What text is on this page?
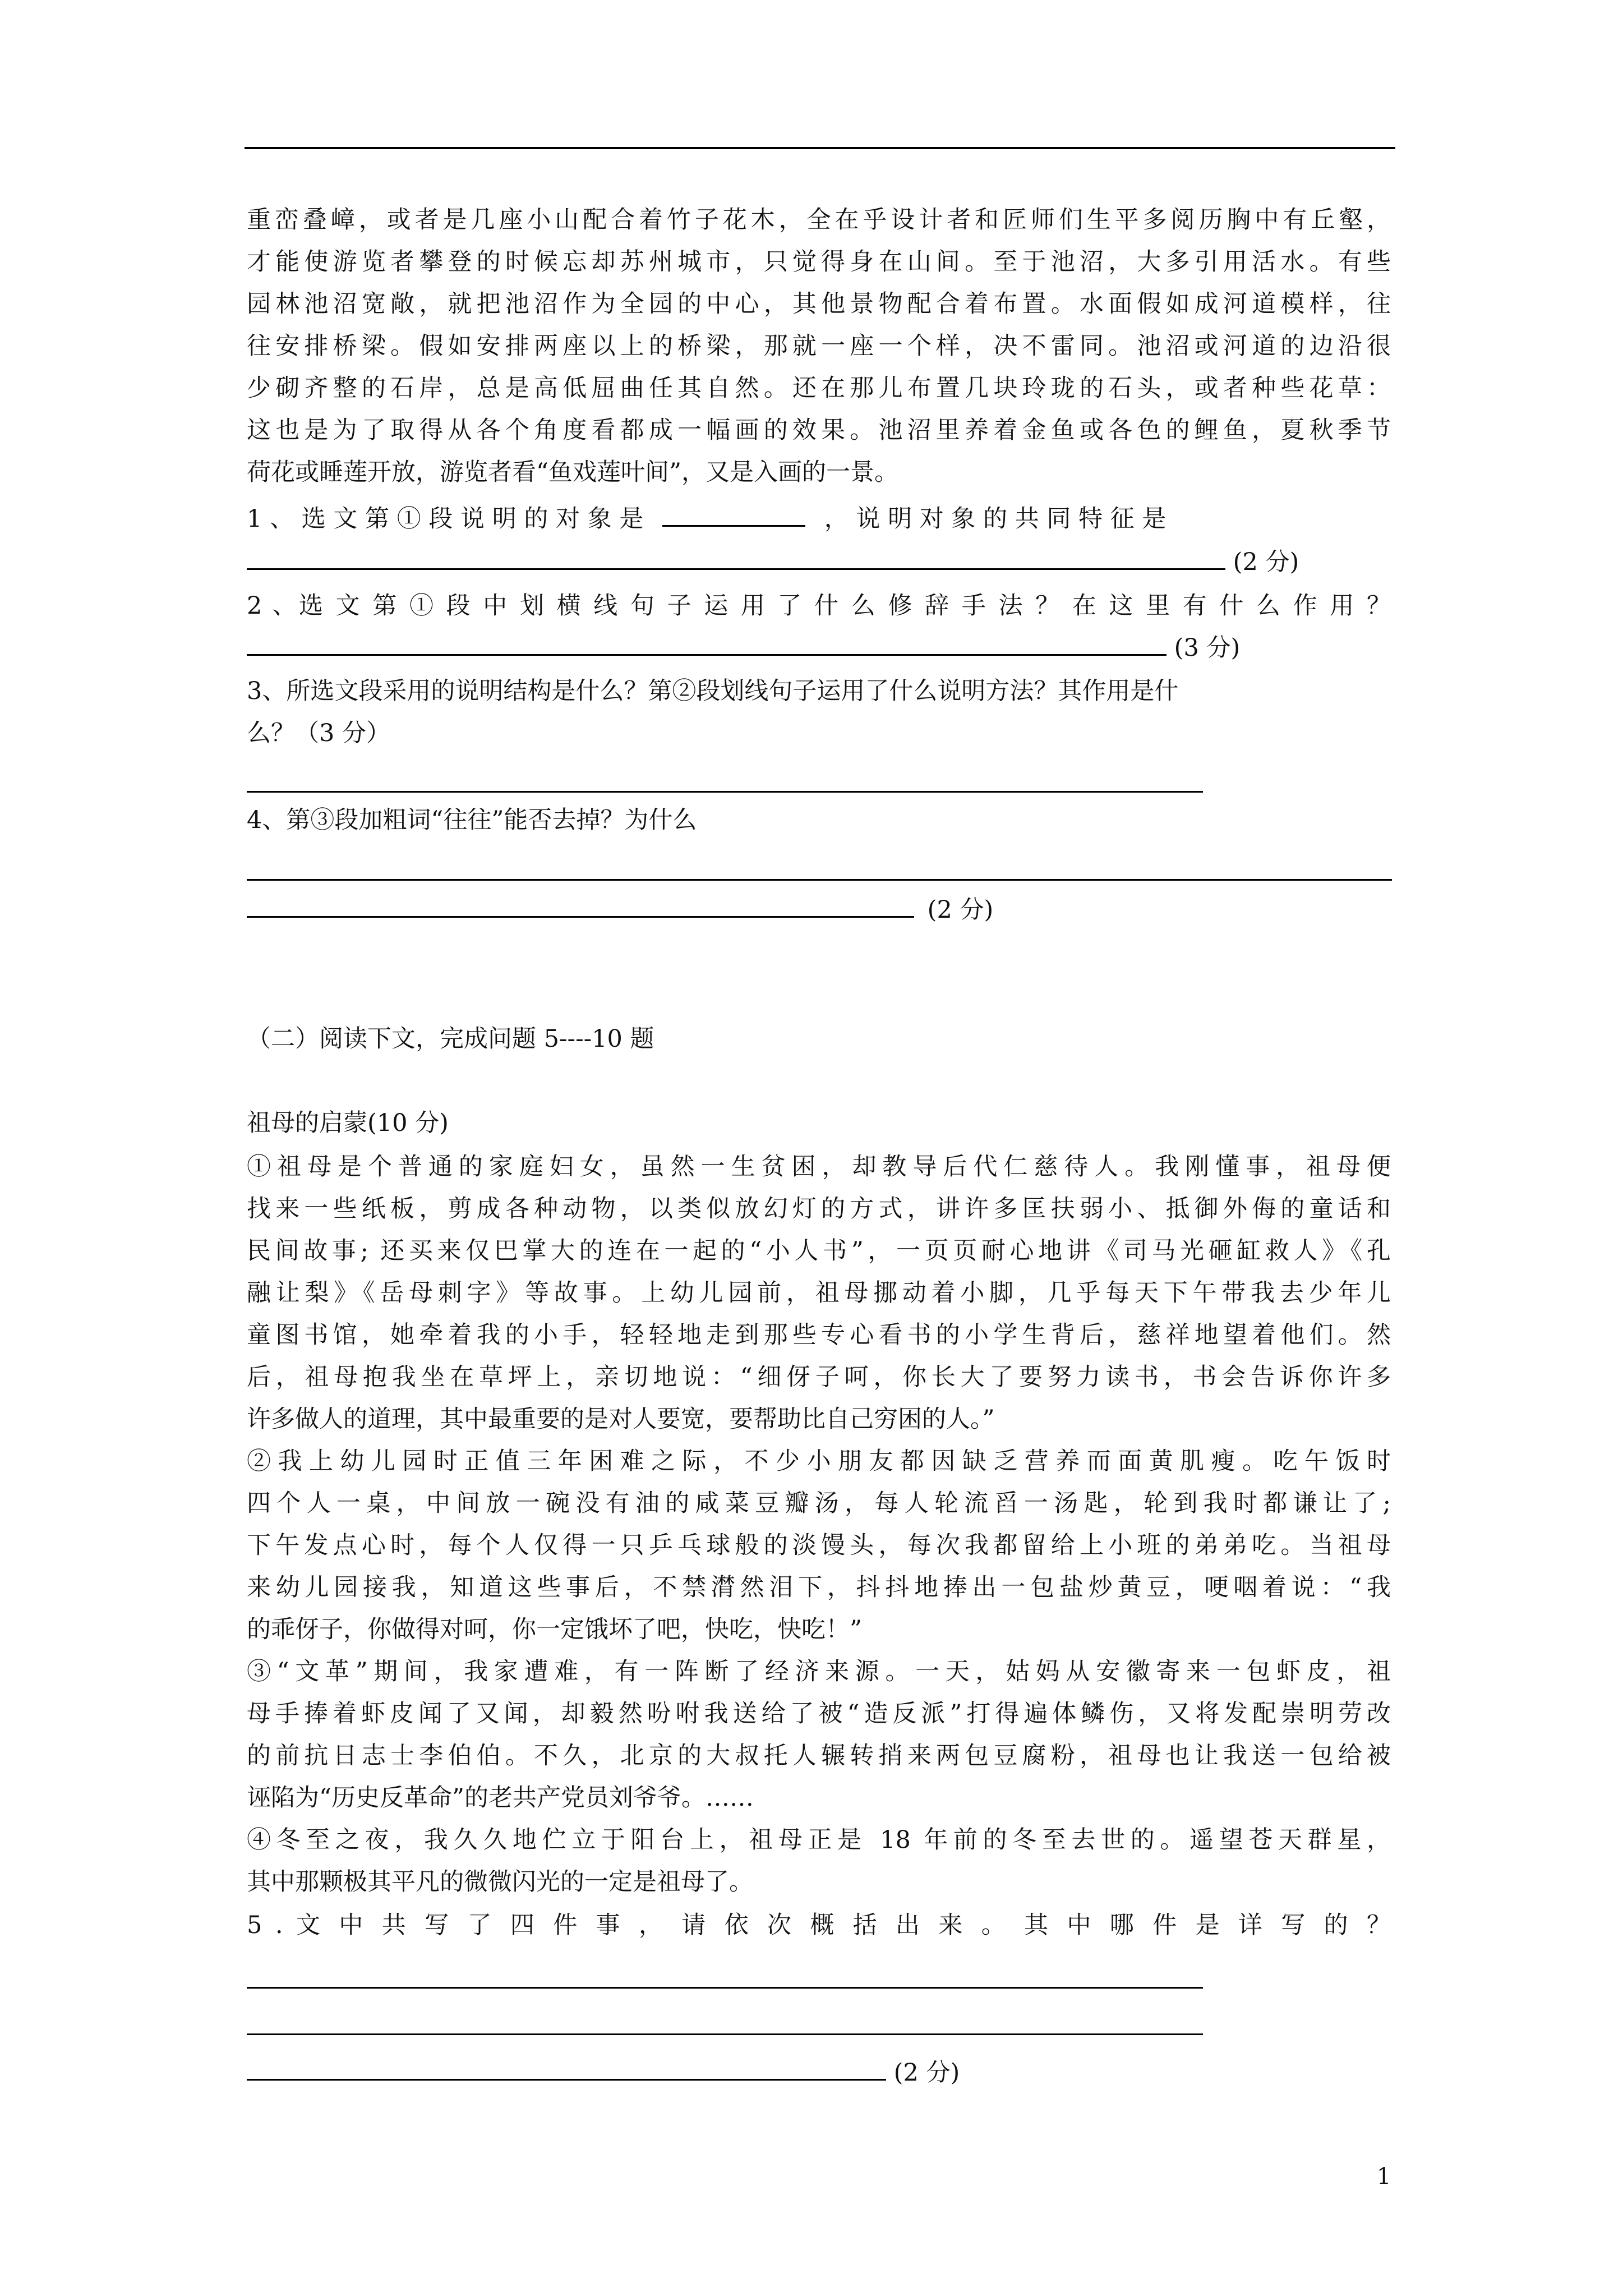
重峦叠嶂，或者是几座小山配合着竹子花木，全在乎设计者和匠师们生平多阅历胸中有丘壑，
才能使游览者攀登的时候忘却苏州城市，只觉得身在山间。至于池沼，大多引用活水。有些
园林池沼宽敞，就把池沼作为全园的中心，其他景物配合着布置。水面假如成河道模样，往
往安排桥梁。假如安排两座以上的桥梁，那就一座一个样，决不雷同。池沼或河道的边沿很
少砌齐整的石岸，总是高低屈曲任其自然。还在那儿布置几块玲珑的石头，或者种些花草：
这也是为了取得从各个角度看都成一幅画的效果。池沼里养着金鱼或各色的鲤鱼，夏秋季节
荷花或睡莲开放，游览者看“鱼戏莲叶间”，又是入画的一景。
1 、 选 文 第 ① 段 说 明 的 对 象 是	， 说 明 对 象 的 共 同 特 征 是
(2 分)
2 、选 文 第 ① 段 中 划 横 线 句 子 运 用 了 什 么 修 辞 手 法 ？ 在 这 里 有 什 么 作 用 ？
(3 分)
3、所选文段采用的说明结构是什么？第②段划线句子运用了什么说明方法？其作用是什
么？（3 分）
4、第③段加粗词“往往”能否去掉？为什么
(2 分)
（二）阅读下文，完成问题 5----10 题
祖母的启蒙(10 分)
①祖母是个普通的家庭妇女，虽然一生贫困，却教导后代仁慈待人。我刚懂事，祖母便
找来一些纸板，剪成各种动物，以类似放幻灯的方式，讲许多匡扶弱小、抵御外侮的童话和
民间故事; 还买来仅巴掌大的连在一起的“小人书”，一页页耐心地讲《司马光砸缸救人》《孔
融让梨》《岳母刺字》等故事。上幼儿园前，祖母挪动着小脚，几乎每天下午带我去少年儿
童图书馆，她牵着我的小手，轻轻地走到那些专心看书的小学生背后，慈祥地望着他们。然
后，祖母抱我坐在草坪上，亲切地说：“细伢子呵，你长大了要努力读书，书会告诉你许多
许多做人的道理，其中最重要的是对人要宽，要帮助比自己穷困的人。”
②我上幼儿园时正值三年困难之际，不少小朋友都因缺乏营养而面黄肌瘦。吃午饭时
四个人一桌，中间放一碗没有油的咸菜豆瓣汤，每人轮流舀一汤匙，轮到我时都谦让了;
下午发点心时，每个人仅得一只乒乓球般的淡馒头，每次我都留给上小班的弟弟吃。当祖母
来幼儿园接我，知道这些事后，不禁潸然泪下，抖抖地捧出一包盐炒黄豆，哽咽着说：“我
的乖伢子，你做得对呵，你一定饿坏了吧，快吃，快吃！”
③“文革”期间，我家遭难，有一阵断了经济来源。一天，姑妈从安徽寄来一包虾皮，祖
母手捧着虾皮闻了又闻，却毅然吩咐我送给了被“造反派”打得遍体鳞伤，又将发配崇明劳改
的前抗日志士李伯伯。不久，北京的大叔托人辗转捎来两包豆腐粉，祖母也让我送一包给被
诬陷为“历史反革命”的老共产党员刘爷爷。……
④冬至之夜，我久久地伫立于阳台上，祖母正是 18 年前的冬至去世的。遥望苍天群星，
其中那颗极其平凡的微微闪光的一定是祖母了。
5 . 文 中 共 写 了 四 件 事 ， 请 依 次 概 括 出 来 。 其 中 哪 件 是 详 写 的 ？
(2 分)
1
